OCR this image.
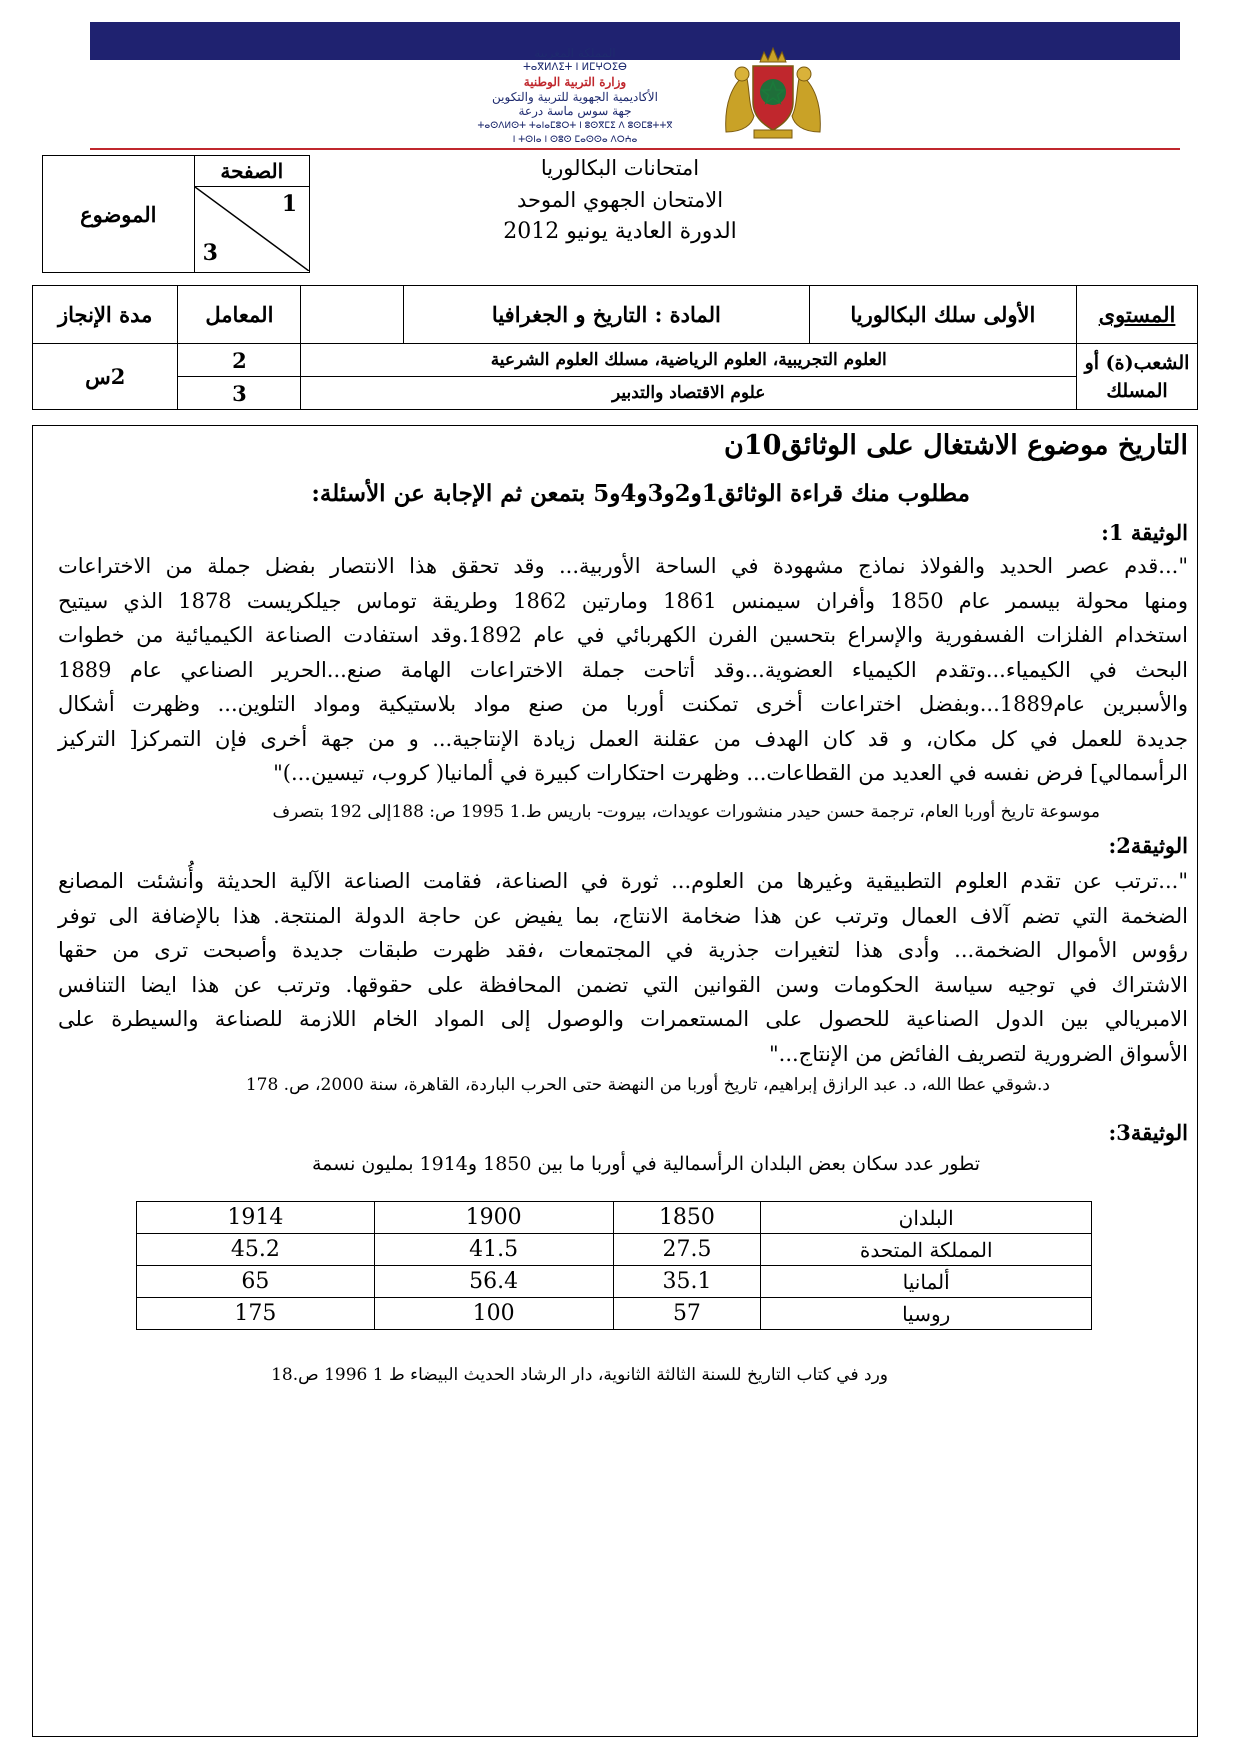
المملكة المغربية
ⵜⴰⴳⵍⴷⵉⵜ ⵏ ⵍⵎⵖⵔⵉⴱ
وزارة التربية الوطنية
الأكاديمية الجهوية للتربية والتكوين
جهة سوس ماسة درعة
ⵜⴰⵙⴷⵍⵙⵜ ⵜⴰⵏⴰⵎⵓⵔⵜ ⵏ ⵓⵙⴳⵎⵉ ⴷ ⵓⵙⵎⵓⵜⵜⴳ
ⵏ ⵜⵙⵏⴰ ⵏ ⵙⵓⵙ ⵎⴰⵙⵙⴰ ⴷⵔⵄⴰ
الصفحة	الموضوع

1
3
امتحانات البكالوريا
الامتحان الجهوي الموحد
الدورة العادية يونيو 2012
المستوى	الأولى سلك البكالوريا	المادة : التاريخ و الجغرافيا		المعامل	مدة الإنجاز
الشعب(ة) أو المسلك	العلوم التجريبية، العلوم الرياضية، مسلك العلوم الشرعية			2	2س
	علوم الاقتصاد والتدبير			3	
التاريخ موضوع الاشتغال على الوثائق10ن
مطلوب منك قراءة الوثائق1و2و3و4و5 بتمعن ثم الإجابة عن الأسئلة:
الوثيقة 1:
"...قدم عصر الحديد والفولاذ نماذج مشهودة في الساحة الأوربية... وقد تحقق هذا الانتصار بفضل جملة من الاختراعات
ومنها محولة بيسمر عام 1850 وأفران سيمنس 1861 ومارتين 1862 وطريقة توماس جيلكريست 1878 الذي سيتيح
استخدام الفلزات الفسفورية والإسراع بتحسين الفرن الكهربائي في عام 1892.وقد استفادت الصناعة الكيميائية من خطوات
البحث في الكيمياء...وتقدم الكيمياء العضوية...وقد أتاحت جملة الاختراعات الهامة صنع...الحرير الصناعي عام 1889
والأسبرين عام1889...وبفضل اختراعات أخرى تمكنت أوربا من صنع مواد بلاستيكية ومواد التلوين... وظهرت أشكال
جديدة للعمل في كل مكان، و قد كان الهدف من عقلنة العمل زيادة الإنتاجية... و من جهة أخرى فإن التمركز[ التركيز
الرأسمالي] فرض نفسه في العديد من القطاعات... وظهرت احتكارات كبيرة في ألمانيا( كروب، تيسين...)"
موسوعة تاريخ أوربا العام، ترجمة حسن حيدر منشورات عويدات، بيروت- باريس ط.1 1995 ص: 188إلى 192 بتصرف
الوثيقة2:
"...ترتب عن تقدم العلوم التطبيقية وغيرها من العلوم... ثورة في الصناعة، فقامت الصناعة الآلية الحديثة وأُنشئت المصانع
الضخمة التي تضم آلاف العمال وترتب عن هذا ضخامة الانتاج، بما يفيض عن حاجة الدولة المنتجة. هذا بالإضافة الى توفر
رؤوس الأموال الضخمة... وأدى هذا لتغيرات جذرية في المجتمعات ،فقد ظهرت طبقات جديدة وأصبحت ترى من حقها
الاشتراك في توجيه سياسة الحكومات وسن القوانين التي تضمن المحافظة على حقوقها. وترتب عن هذا ايضا التنافس
الامبريالي بين الدول الصناعية للحصول على المستعمرات والوصول إلى المواد الخام اللازمة للصناعة والسيطرة على
الأسواق الضرورية لتصريف الفائض من الإنتاج..."
د.شوقي عطا الله، د. عبد الرازق إبراهيم، تاريخ أوربا من النهضة حتى الحرب الباردة، القاهرة، سنة 2000، ص. 178
الوثيقة3:
تطور عدد سكان بعض البلدان الرأسمالية في أوربا ما بين 1850 و1914 بمليون نسمة
البلدان	1850	1900	1914
المملكة المتحدة	27.5	41.5	45.2
ألمانيا	35.1	56.4	65
روسيا	57	100	175
ورد في كتاب التاريخ للسنة الثالثة الثانوية، دار الرشاد الحديث البيضاء ط 1 1996 ص.18
